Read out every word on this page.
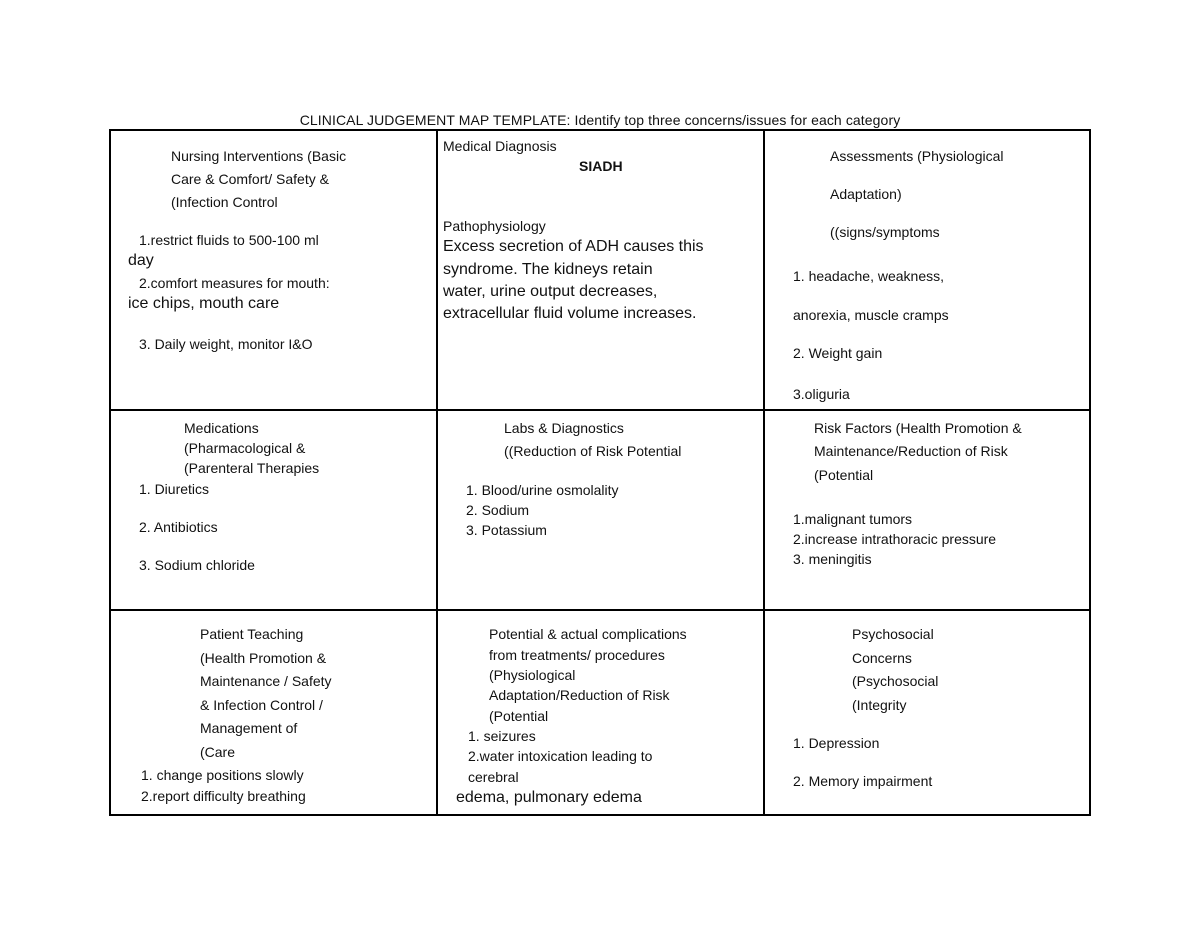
CLINICAL JUDGEMENT MAP TEMPLATE: Identify top three concerns/issues for each category
Nursing Interventions (Basic
Care & Comfort/ Safety &
(Infection Control
1.restrict fluids to 500-100 ml
day
2.comfort measures for mouth:
ice chips, mouth care
3. Daily weight, monitor I&O
Medical Diagnosis
SIADH
Pathophysiology
Excess secretion of ADH causes this
syndrome. The kidneys retain
water, urine output decreases,
extracellular fluid volume increases.
Assessments (Physiological
Adaptation)
((signs/symptoms
1. headache, weakness,
anorexia, muscle cramps
2. Weight gain
3.oliguria
Medications
(Pharmacological &
(Parenteral Therapies
1. Diuretics
2. Antibiotics
3. Sodium chloride
Labs & Diagnostics
((Reduction of Risk Potential
1. Blood/urine osmolality
2. Sodium
3. Potassium
Risk Factors (Health Promotion &
Maintenance/Reduction of Risk
(Potential
1.malignant tumors
2.increase intrathoracic pressure
3. meningitis
Patient Teaching
(Health Promotion &
Maintenance / Safety
& Infection Control /
Management of
(Care
1. change positions slowly
2.report difficulty breathing
Potential & actual complications
from treatments/ procedures
(Physiological
Adaptation/Reduction of Risk
(Potential
1. seizures
2.water intoxication leading to
cerebral
edema, pulmonary edema
Psychosocial
Concerns
(Psychosocial
(Integrity
1. Depression
2. Memory impairment
